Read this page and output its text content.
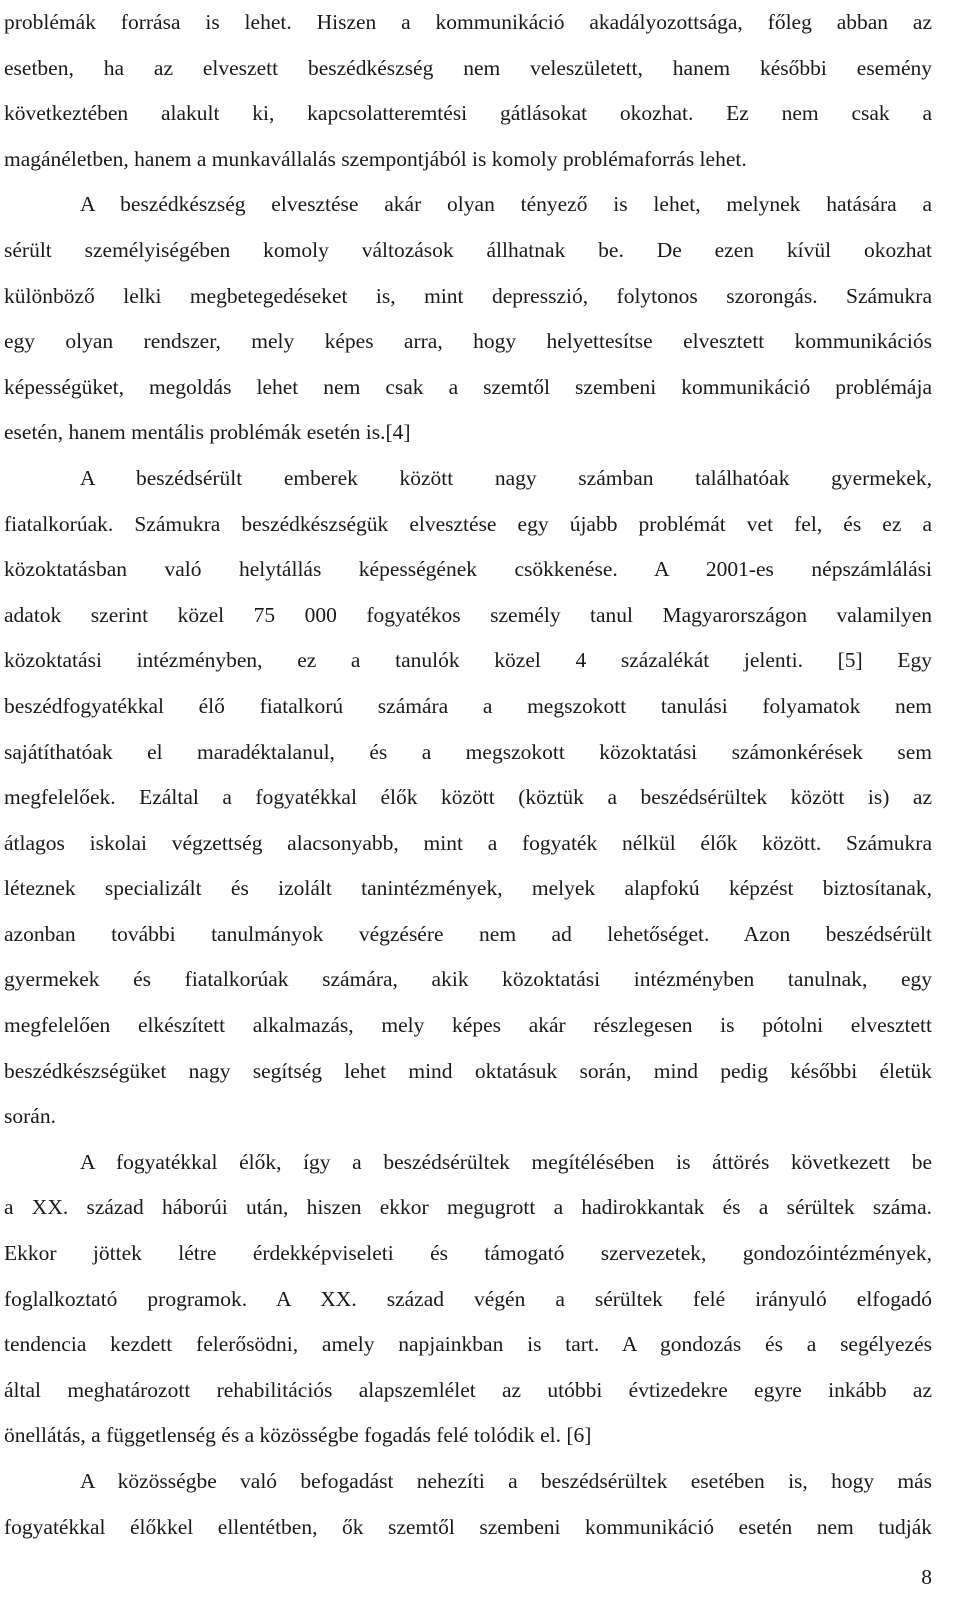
problémák forrása is lehet. Hiszen a kommunikáció akadályozottsága, főleg abban az
esetben, ha az elveszett beszédkészség nem veleszületett, hanem későbbi esemény
következtében alakult ki, kapcsolatteremtési gátlásokat okozhat. Ez nem csak a
magánéletben, hanem a munkavállalás szempontjából is komoly problémaforrás lehet.
A beszédkészség elvesztése akár olyan tényező is lehet, melynek hatására a
sérült személyiségében komoly változások állhatnak be. De ezen kívül okozhat
különböző lelki megbetegedéseket is, mint depresszió, folytonos szorongás. Számukra
egy olyan rendszer, mely képes arra, hogy helyettesítse elvesztett kommunikációs
képességüket, megoldás lehet nem csak a szemtől szembeni kommunikáció problémája
esetén, hanem mentális problémák esetén is.[4]
A beszédsérült emberek között nagy számban találhatóak gyermekek,
fiatalkorúak. Számukra beszédkészségük elvesztése egy újabb problémát vet fel, és ez a
közoktatásban való helytállás képességének csökkenése. A 2001-es népszámlálási
adatok szerint közel 75 000 fogyatékos személy tanul Magyarországon valamilyen
közoktatási intézményben, ez a tanulók közel 4 százalékát jelenti. [5] Egy
beszédfogyatékkal élő fiatalkorú számára a megszokott tanulási folyamatok nem
sajátíthatóak el maradéktalanul, és a megszokott közoktatási számonkérések sem
megfelelőek. Ezáltal a fogyatékkal élők között (köztük a beszédsérültek között is) az
átlagos iskolai végzettség alacsonyabb, mint a fogyaték nélkül élők között. Számukra
léteznek specializált és izolált tanintézmények, melyek alapfokú képzést biztosítanak,
azonban további tanulmányok végzésére nem ad lehetőséget. Azon beszédsérült
gyermekek és fiatalkorúak számára, akik közoktatási intézményben tanulnak, egy
megfelelően elkészített alkalmazás, mely képes akár részlegesen is pótolni elvesztett
beszédkészségüket nagy segítség lehet mind oktatásuk során, mind pedig későbbi életük
során.
A fogyatékkal élők, így a beszédsérültek megítélésében is áttörés következett be
a XX. század háborúi után, hiszen ekkor megugrott a hadirokkantak és a sérültek száma.
Ekkor jöttek létre érdekképviseleti és támogató szervezetek, gondozóintézmények,
foglalkoztató programok. A XX. század végén a sérültek felé irányuló elfogadó
tendencia kezdett felerősödni, amely napjainkban is tart. A gondozás és a segélyezés
által meghatározott rehabilitációs alapszemlélet az utóbbi évtizedekre egyre inkább az
önellátás, a függetlenség és a közösségbe fogadás felé tolódik el. [6]
A közösségbe való befogadást nehezíti a beszédsérültek esetében is, hogy más
fogyatékkal élőkkel ellentétben, ők szemtől szembeni kommunikáció esetén nem tudják
8
